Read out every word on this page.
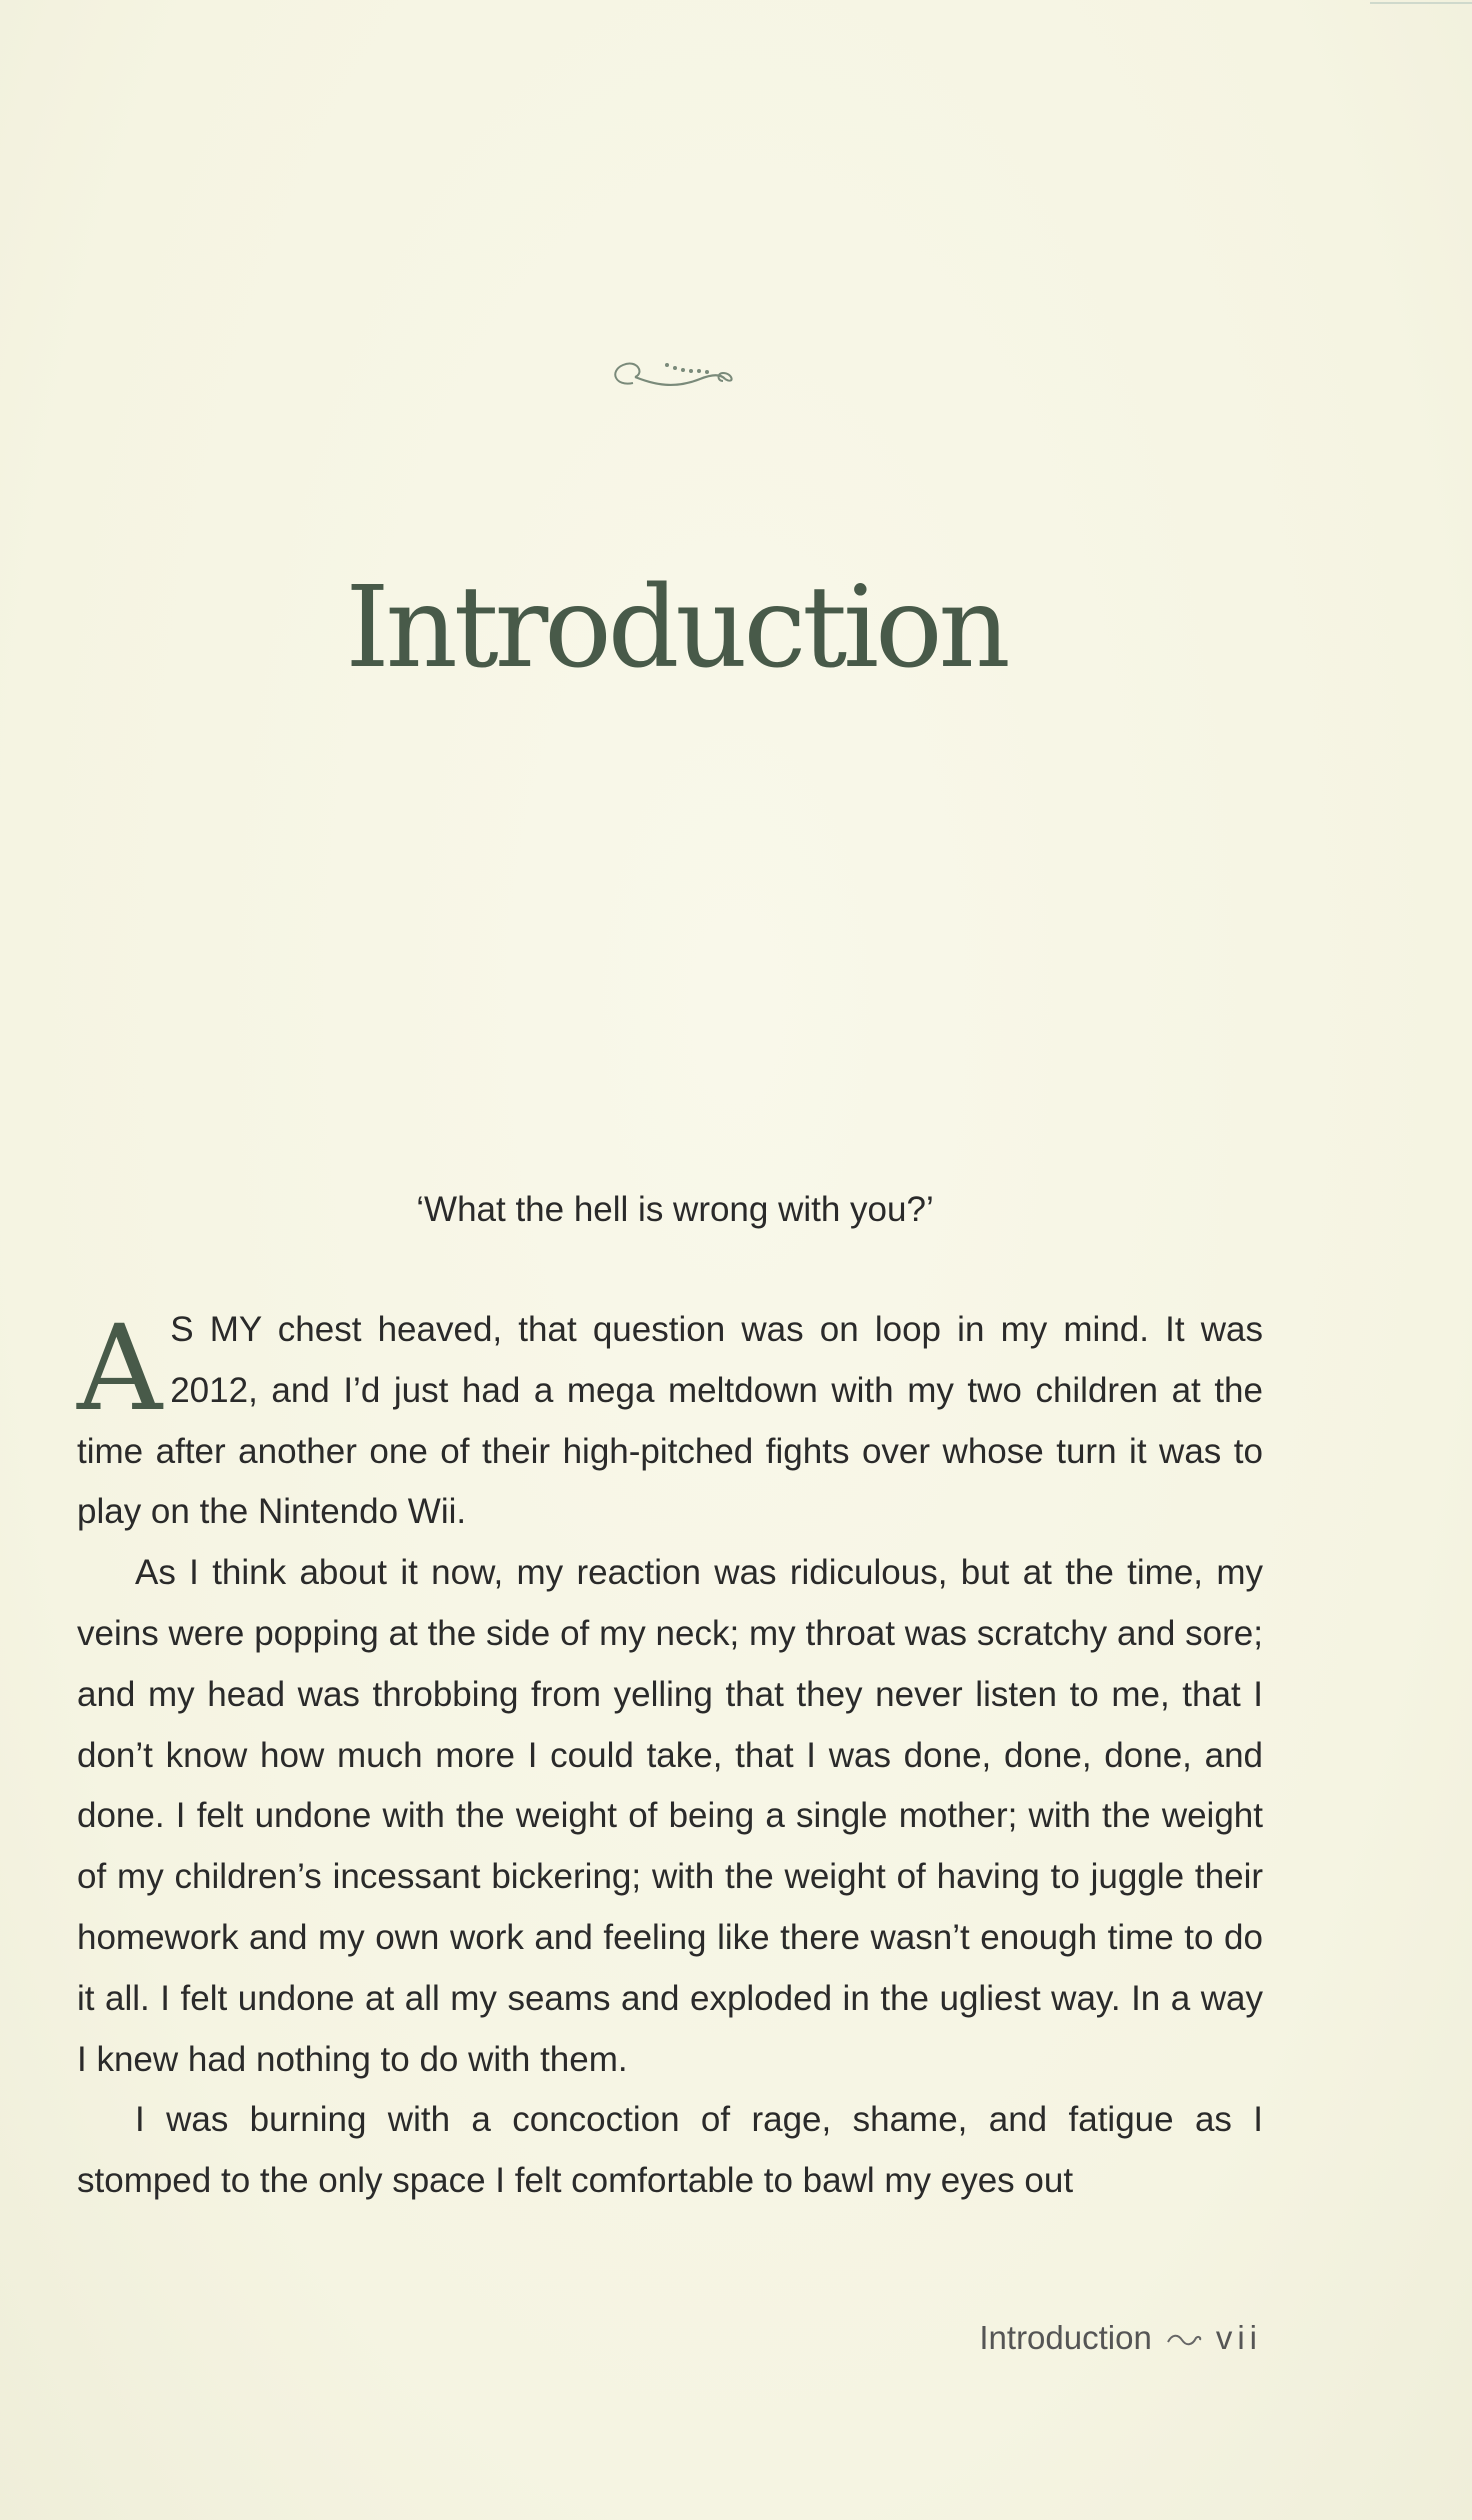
Introduction
‘What the hell is wrong with you?’

A S MY chest heaved, that question was on loop in my mind. It was 2012, and I’d just had a mega meltdown with my two children at the time after another one of their high-pitched fights over whose turn it was to play on the Nintendo Wii.

As I think about it now, my reaction was ridiculous, but at the time, my veins were popping at the side of my neck; my throat was scratchy and sore; and my head was throbbing from yelling that they never listen to me, that I don’t know how much more I could take, that I was done, done, done, and done. I felt undone with the weight of being a single mother; with the weight of my children’s incessant bickering; with the weight of having to juggle their homework and my own work and feeling like there wasn’t enough time to do it all. I felt undone at all my seams and exploded in the ugliest way. In a way I knew had nothing to do with them.

I was burning with a concoction of rage, shame, and fatigue as I stomped to the only space I felt comfortable to bawl my eyes out

Introduction vii
